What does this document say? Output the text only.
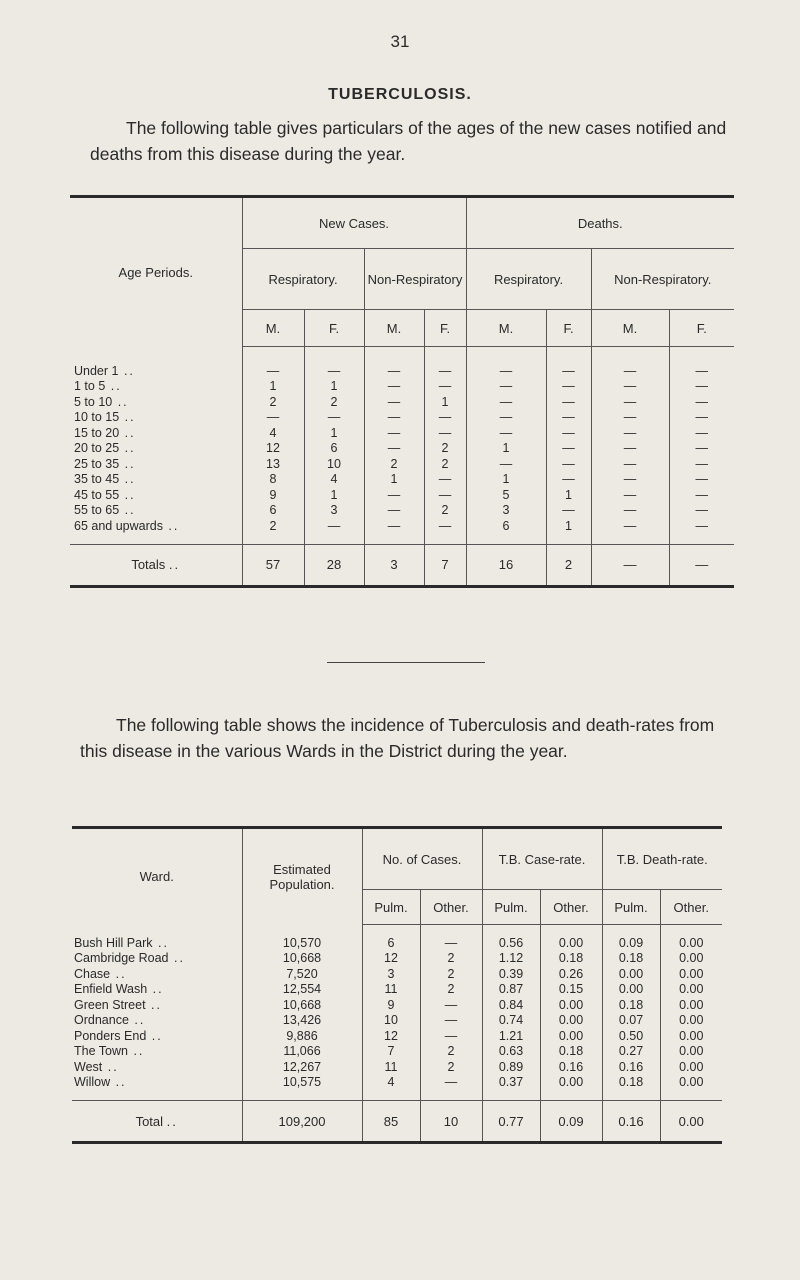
31
TUBERCULOSIS.
The following table gives particulars of the ages of the new cases notified and deaths from this disease during the year.
Age Periods.	New Cases.				Deaths.			
	Respiratory.		Non-Respiratory		Respiratory.		Non-Respiratory.	
	M.	F.	M.	F.	M.	F.	M.	F.
Under 1 ..	—	—	—	—	—	—	—	—
1 to 5 ..	1	1	—	—	—	—	—	—
5 to 10 ..	2	2	—	1	—	—	—	—
10 to 15 ..	—	—	—	—	—	—	—	—
15 to 20 ..	4	1	—	—	—	—	—	—
20 to 25 ..	12	6	—	2	1	—	—	—
25 to 35 ..	13	10	2	2	—	—	—	—
35 to 45 ..	8	4	1	—	1	—	—	—
45 to 55 ..	9	1	—	—	5	1	—	—
55 to 65 ..	6	3	—	2	3	—	—	—
65 and upwards ..	2	—	—	—	6	1	—	—
Totals ..	57	28	3	7	16	2	—	—
The following table shows the incidence of Tuberculosis and death-rates from this disease in the various Wards in the District during the year.
Ward.	Estimated Population.	No. of Cases.		T.B. Case-rate.		T.B. Death-rate.	
		Pulm.	Other.	Pulm.	Other.	Pulm.	Other.
Bush Hill Park ..	10,570	6	—	0.56	0.00	0.09	0.00
Cambridge Road ..	10,668	12	2	1.12	0.18	0.18	0.00
Chase ..	7,520	3	2	0.39	0.26	0.00	0.00
Enfield Wash ..	12,554	11	2	0.87	0.15	0.00	0.00
Green Street ..	10,668	9	—	0.84	0.00	0.18	0.00
Ordnance ..	13,426	10	—	0.74	0.00	0.07	0.00
Ponders End ..	9,886	12	—	1.21	0.00	0.50	0.00
The Town ..	11,066	7	2	0.63	0.18	0.27	0.00
West ..	12,267	11	2	0.89	0.16	0.16	0.00
Willow ..	10,575	4	—	0.37	0.00	0.18	0.00
Total ..	109,200	85	10	0.77	0.09	0.16	0.00
